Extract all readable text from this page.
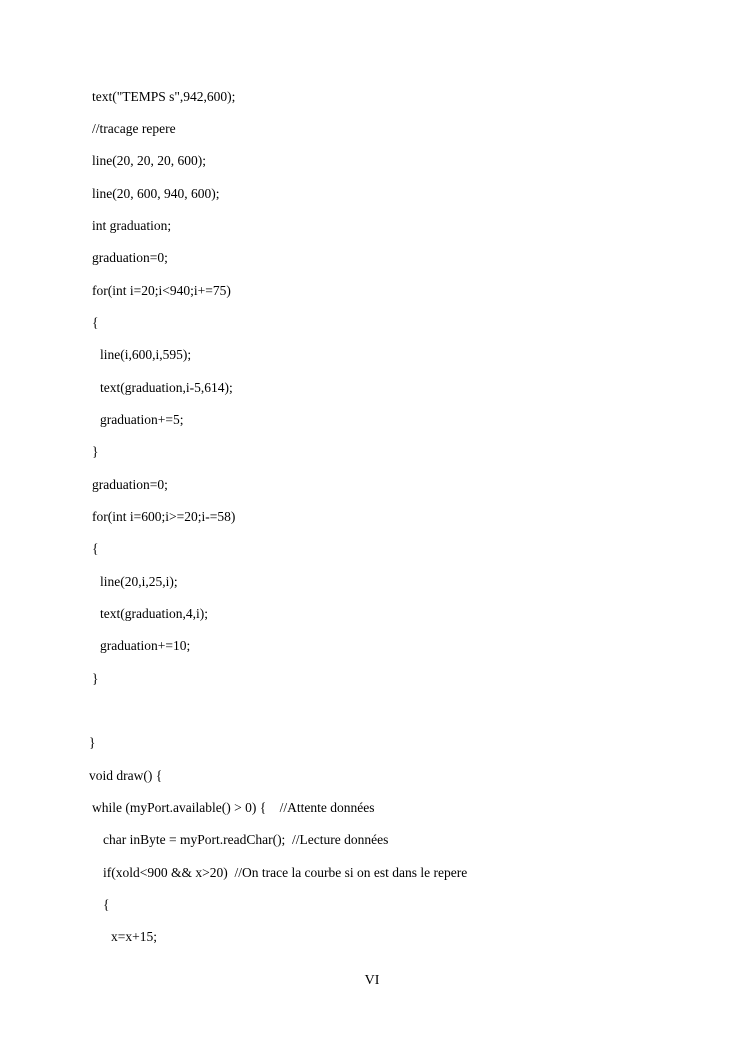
text("TEMPS s",942,600);

//tracage repere

line(20, 20, 20, 600);

line(20, 600, 940, 600);

int graduation;

graduation=0;

for(int i=20;i<940;i+=75)

{

line(i,600,i,595);

text(graduation,i-5,614);

graduation+=5;

}

graduation=0;

for(int i=600;i>=20;i-=58)

{

line(20,i,25,i);

text(graduation,4,i);

graduation+=10;

}

}

void draw() {

while (myPort.available() > 0) {    //Attente données

char inByte = myPort.readChar();  //Lecture données

if(xold<900 && x>20)  //On trace la courbe si on est dans le repere

{

x=x+15;

VI
